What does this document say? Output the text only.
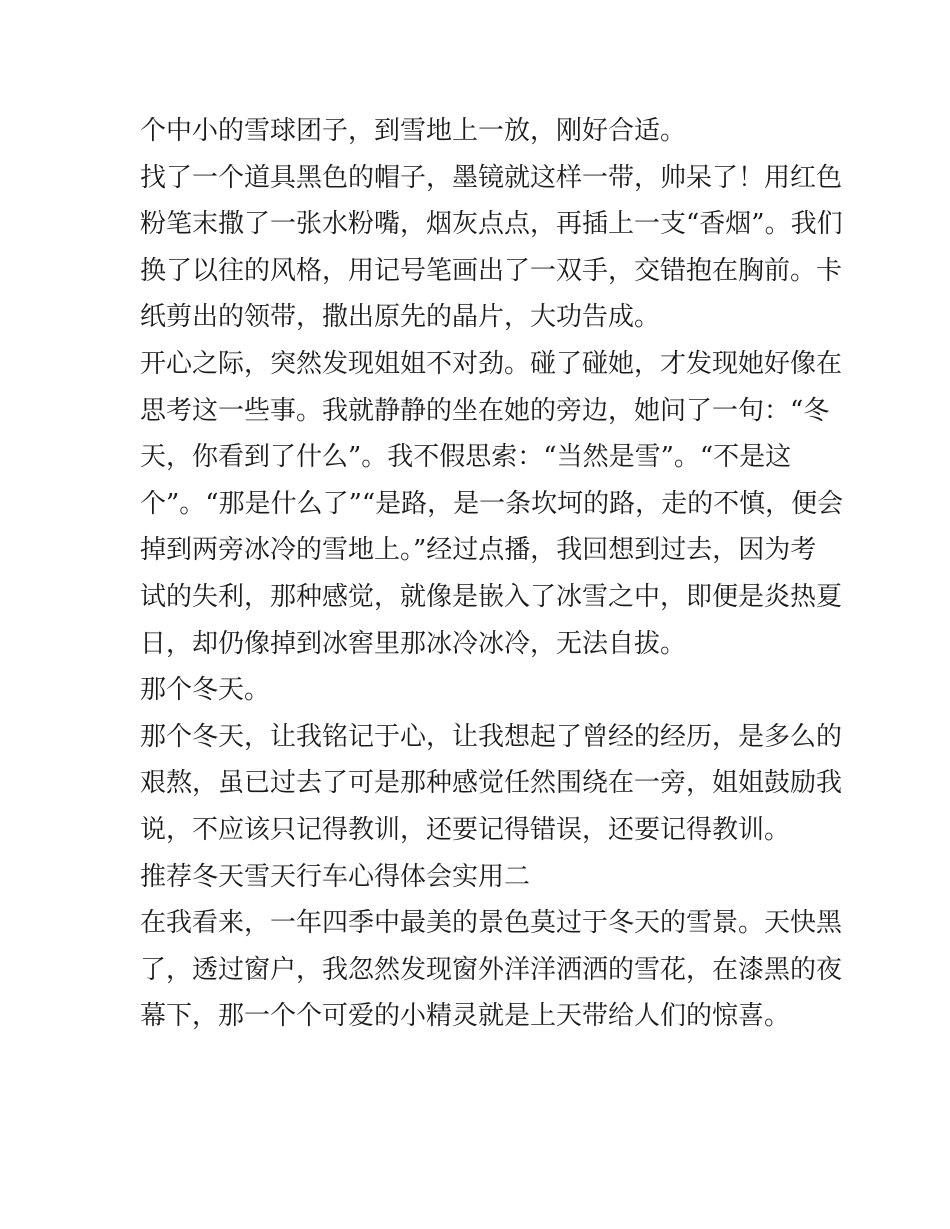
个中小的雪球团子，到雪地上一放，刚好合适。
找了一个道具黑色的帽子，墨镜就这样一带，帅呆了！用红色
粉笔末撒了一张水粉嘴，烟灰点点，再插上一支“香烟”。我们
换了以往的风格，用记号笔画出了一双手，交错抱在胸前。卡
纸剪出的领带，撒出原先的晶片，大功告成。
开心之际，突然发现姐姐不对劲。碰了碰她，才发现她好像在
思考这一些事。我就静静的坐在她的旁边，她问了一句：“冬
天，你看到了什么”。我不假思索：“当然是雪”。“不是这
个”。“那是什么了”“是路，是一条坎坷的路，走的不慎，便会
掉到两旁冰冷的雪地上。”经过点播，我回想到过去，因为考
试的失利，那种感觉，就像是嵌入了冰雪之中，即便是炎热夏
日，却仍像掉到冰窖里那冰冷冰冷，无法自拔。
那个冬天。
那个冬天，让我铭记于心，让我想起了曾经的经历，是多么的
艰熬，虽已过去了可是那种感觉任然围绕在一旁，姐姐鼓励我
说，不应该只记得教训，还要记得错误，还要记得教训。
推荐冬天雪天行车心得体会实用二
在我看来，一年四季中最美的景色莫过于冬天的雪景。天快黑
了，透过窗户，我忽然发现窗外洋洋洒洒的雪花，在漆黑的夜
幕下，那一个个可爱的小精灵就是上天带给人们的惊喜。
